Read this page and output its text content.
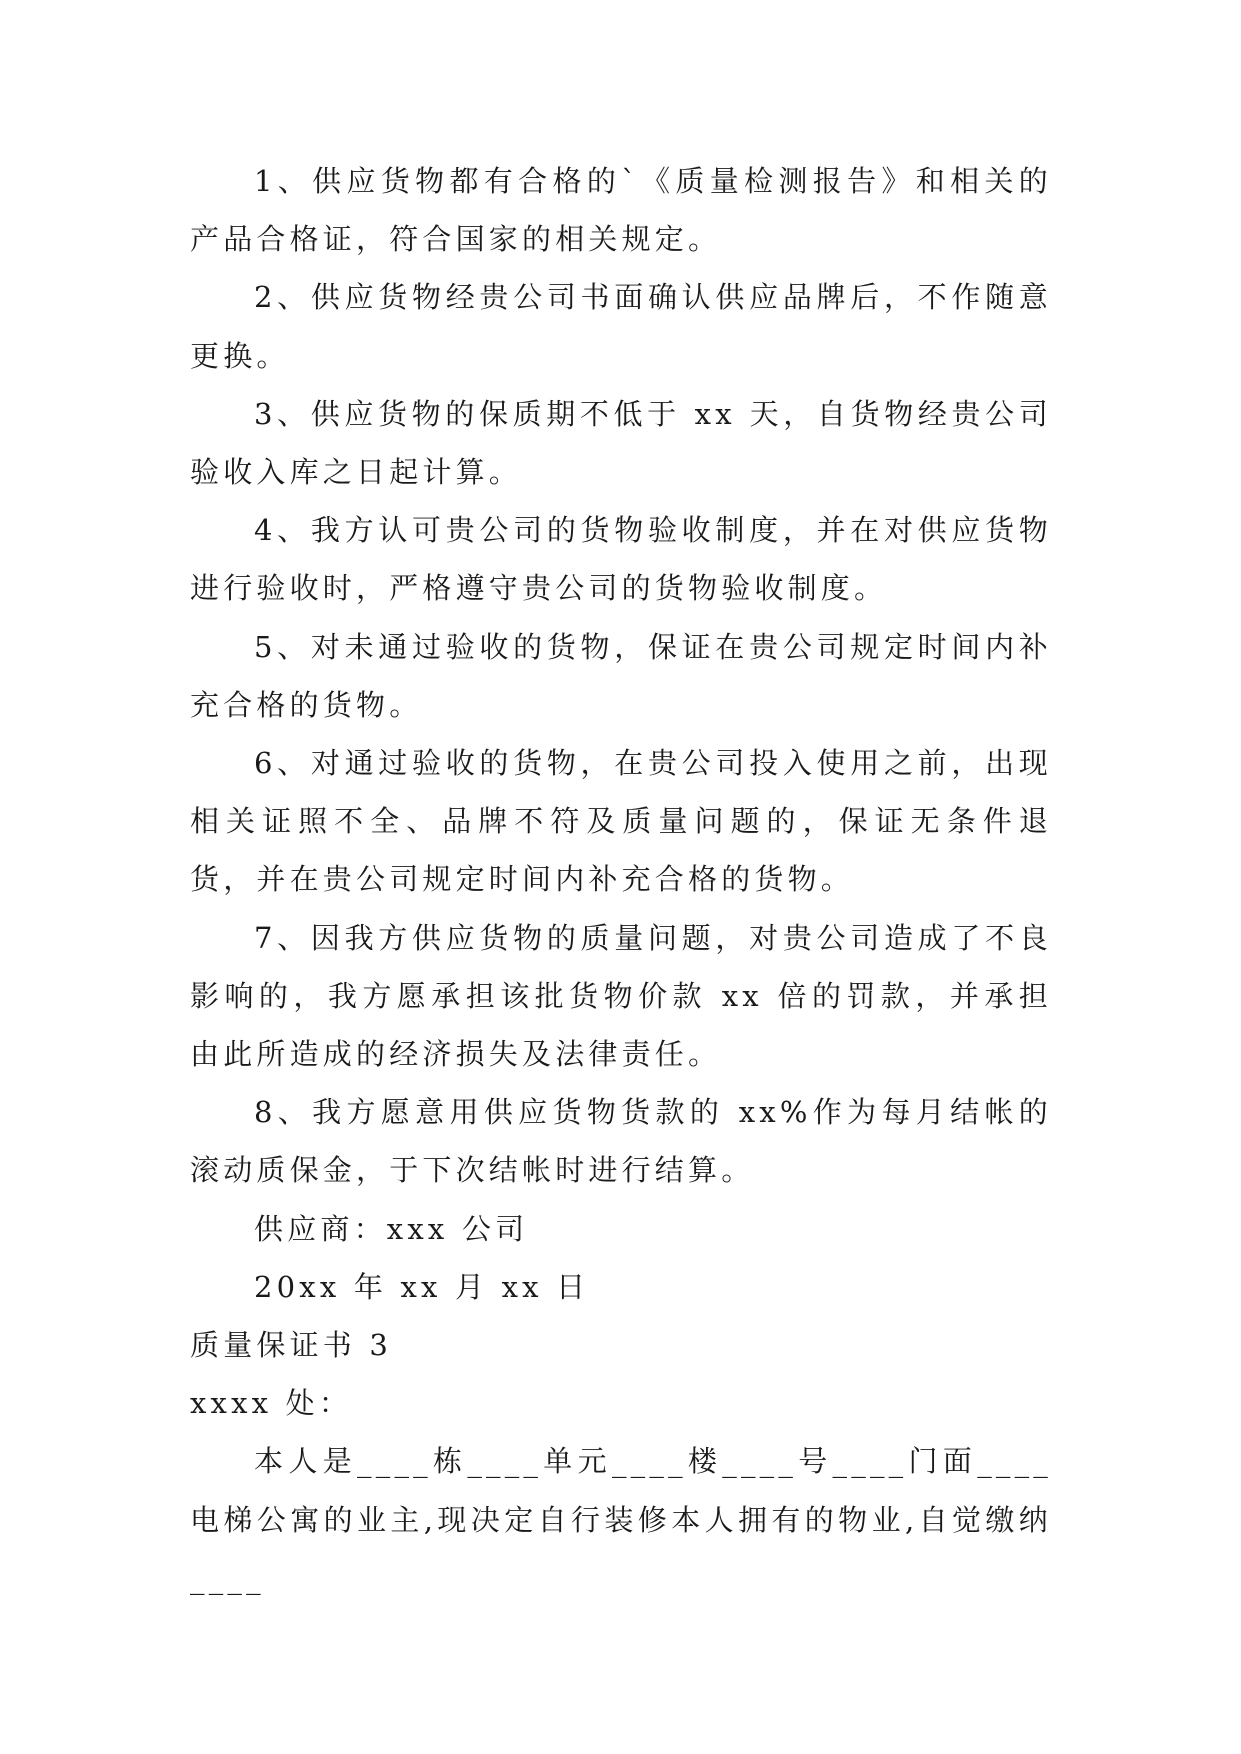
1、供应货物都有合格的`《质量检测报告》和相关的产品合格证，符合国家的相关规定。

2、供应货物经贵公司书面确认供应品牌后，不作随意更换。

3、供应货物的保质期不低于 xx 天，自货物经贵公司验收入库之日起计算。

4、我方认可贵公司的货物验收制度，并在对供应货物进行验收时，严格遵守贵公司的货物验收制度。

5、对未通过验收的货物，保证在贵公司规定时间内补充合格的货物。

6、对通过验收的货物，在贵公司投入使用之前，出现相关证照不全、品牌不符及质量问题的，保证无条件退货，并在贵公司规定时间内补充合格的货物。

7、因我方供应货物的质量问题，对贵公司造成了不良影响的，我方愿承担该批货物价款 xx 倍的罚款，并承担由此所造成的经济损失及法律责任。

8、我方愿意用供应货物货款的 xx%作为每月结帐的滚动质保金，于下次结帐时进行结算。

供应商：xxx 公司

20xx 年 xx 月 xx 日

质量保证书 3

xxxx 处：

本人是____栋____单元____楼____号____门面____电梯公寓的业主,现决定自行装修本人拥有的物业,自觉缴纳____
